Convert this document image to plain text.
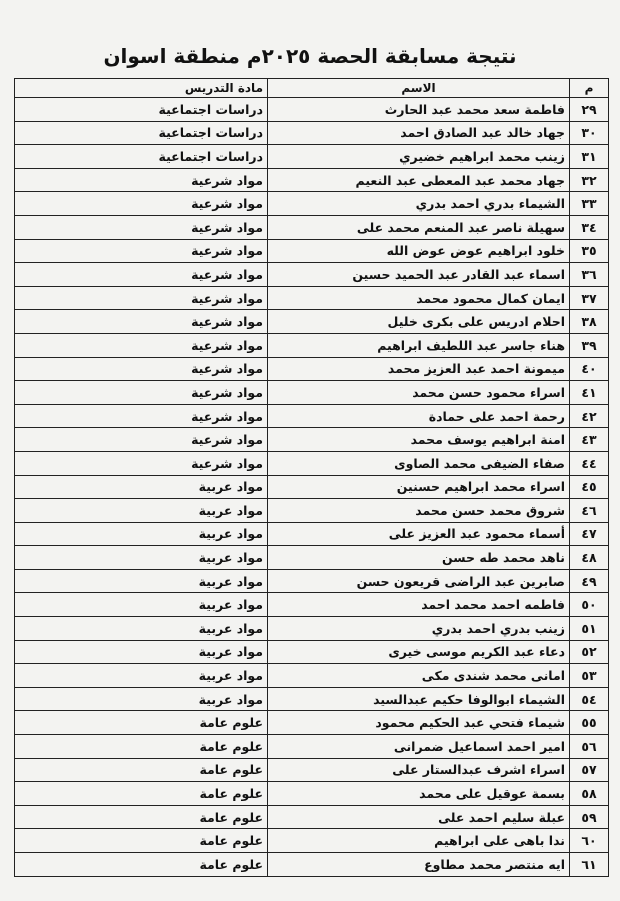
نتيجة مسابقة الحصة ٢٠٢٥م منطقة اسوان
م	الاسم	مادة التدريس
٢٩	فاطمة سعد محمد عبد الحارث	دراسات اجتماعية
٣٠	جهاد خالد عبد الصادق احمد	دراسات اجتماعية
٣١	زينب محمد ابراهيم خضيري	دراسات اجتماعية
٣٢	جهاد محمد عبد المعطى عبد النعيم	مواد شرعية
٣٣	الشيماء بدري احمد بدري	مواد شرعية
٣٤	سهيلة ناصر عبد المنعم محمد على	مواد شرعية
٣٥	خلود ابراهيم عوض عوض الله	مواد شرعية
٣٦	اسماء عبد القادر عبد الحميد حسين	مواد شرعية
٣٧	ايمان كمال محمود محمد	مواد شرعية
٣٨	احلام ادريس على بكرى خليل	مواد شرعية
٣٩	هناء جاسر عبد اللطيف ابراهيم	مواد شرعية
٤٠	ميمونة احمد عبد العزيز محمد	مواد شرعية
٤١	اسراء محمود حسن محمد	مواد شرعية
٤٢	رحمة احمد على حمادة	مواد شرعية
٤٣	امنة ابراهيم يوسف محمد	مواد شرعية
٤٤	صفاء الضيفى محمد الصاوى	مواد شرعية
٤٥	اسراء محمد ابراهيم حسنين	مواد عربية
٤٦	شروق محمد حسن محمد	مواد عربية
٤٧	أسماء محمود عبد العزيز على	مواد عربية
٤٨	ناهد محمد طه حسن	مواد عربية
٤٩	صابرين عبد الراضى قريعون حسن	مواد عربية
٥٠	فاطمه احمد محمد احمد	مواد عربية
٥١	زينب بدري احمد بدري	مواد عربية
٥٢	دعاء عبد الكريم موسى خيرى	مواد عربية
٥٣	امانى محمد شندى مكى	مواد عربية
٥٤	الشيماء ابوالوفا حكيم عبدالسيد	مواد عربية
٥٥	شيماء فتحي عبد الحكيم محمود	علوم عامة
٥٦	امير احمد اسماعيل ضمرانى	علوم عامة
٥٧	اسراء اشرف عبدالستار على	علوم عامة
٥٨	بسمة عوقيل على محمد	علوم عامة
٥٩	عبلة سليم احمد على	علوم عامة
٦٠	ندا باهى على ابراهيم	علوم عامة
٦١	ايه منتصر محمد مطاوع	علوم عامة
